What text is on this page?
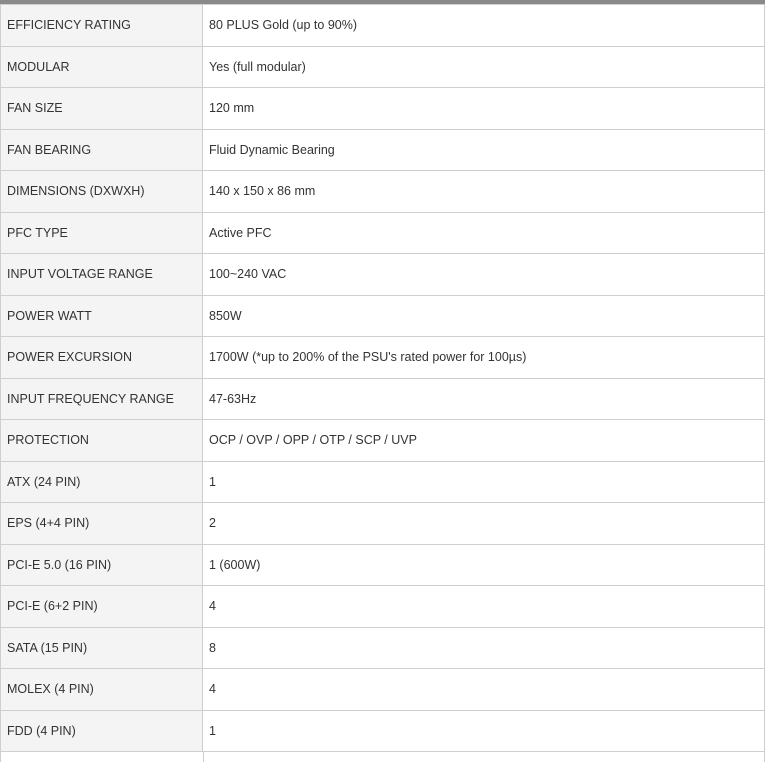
EFFICIENCY RATING	80 PLUS Gold (up to 90%)
MODULAR	Yes (full modular)
FAN SIZE	120 mm
FAN BEARING	Fluid Dynamic Bearing
DIMENSIONS (DXWXH)	140 x 150 x 86 mm
PFC TYPE	Active PFC
INPUT VOLTAGE RANGE	100~240 VAC
POWER WATT	850W
POWER EXCURSION	1700W (*up to 200% of the PSU's rated power for 100µs)
INPUT FREQUENCY RANGE	47-63Hz
PROTECTION	OCP / OVP / OPP / OTP / SCP / UVP
ATX (24 PIN)	1
EPS (4+4 PIN)	2
PCI-E 5.0 (16 PIN)	1 (600W)
PCI-E (6+2 PIN)	4
SATA (15 PIN)	8
MOLEX (4 PIN)	4
FDD (4 PIN)	1
